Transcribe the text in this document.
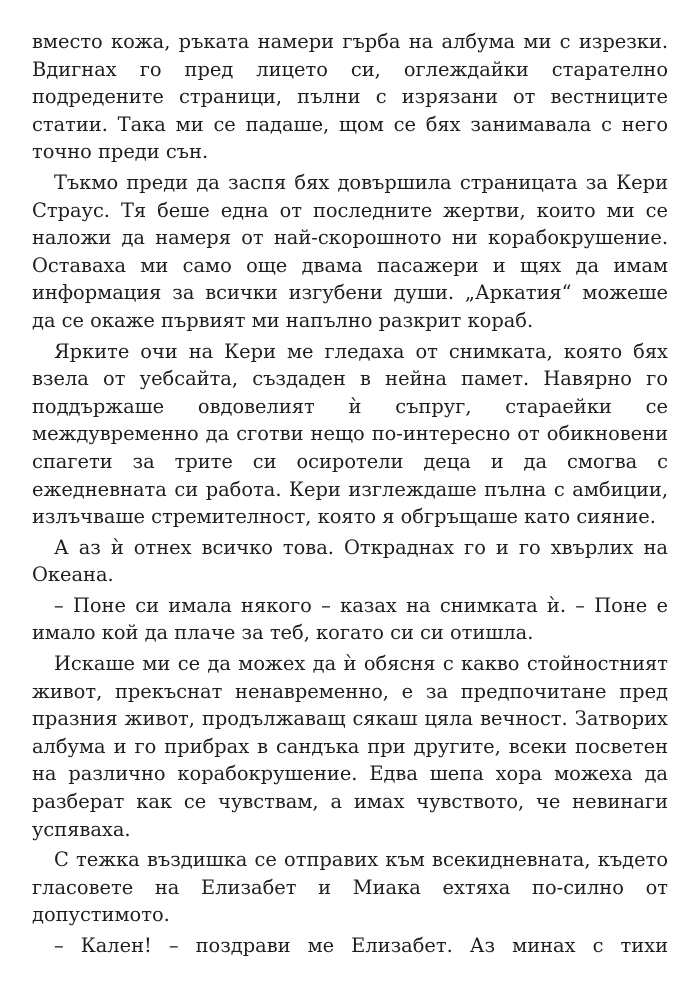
вместо кожа, ръката намери гърба на албума ми с изрезки. Вдигнах го пред лицето си, оглеждайки старателно подредените страници, пълни с изрязани от вестниците статии. Така ми се падаше, щом се бях занимавала с него точно преди сън.

Тъкмо преди да заспя бях довършила страницата за Кери Страус. Тя беше една от последните жертви, които ми се наложи да намеря от най-скорошното ни корабокрушение. Оставаха ми само още двама пасажери и щях да имам информация за всички изгубени души. „Аркатия“ можеше да се окаже първият ми напълно разкрит кораб.

Ярките очи на Кери ме гледаха от снимката, която бях взела от уебсайта, създаден в нейна памет. Навярно го поддържаше овдовелият ѝ съпруг, стараейки се междувременно да сготви нещо по-интересно от обикновени спагети за трите си осиротели деца и да смогва с ежедневната си работа. Кери изглеждаше пълна с амбиции, излъчваше стремителност, която я обгръщаше като сияние.

А аз ѝ отнех всичко това. Откраднах го и го хвърлих на Океана.

– Поне си имала някого – казах на снимката ѝ. – Поне е имало кой да плаче за теб, когато си си отишла.

Искаше ми се да можех да ѝ обясня с какво стойностният живот, прекъснат ненавременно, е за предпочитане пред празния живот, продължаващ сякаш цяла вечност. Затворих албума и го прибрах в сандъка при другите, всеки посветен на различно корабокрушение. Едва шепа хора можеха да разберат как се чувствам, а имах чувството, че невинаги успяваха.

С тежка въздишка се отправих към всекидневната, където гласовете на Елизабет и Миака ехтяха по-силно от допустимото.

– Кален! – поздрави ме Елизабет. Аз минах с тихи
